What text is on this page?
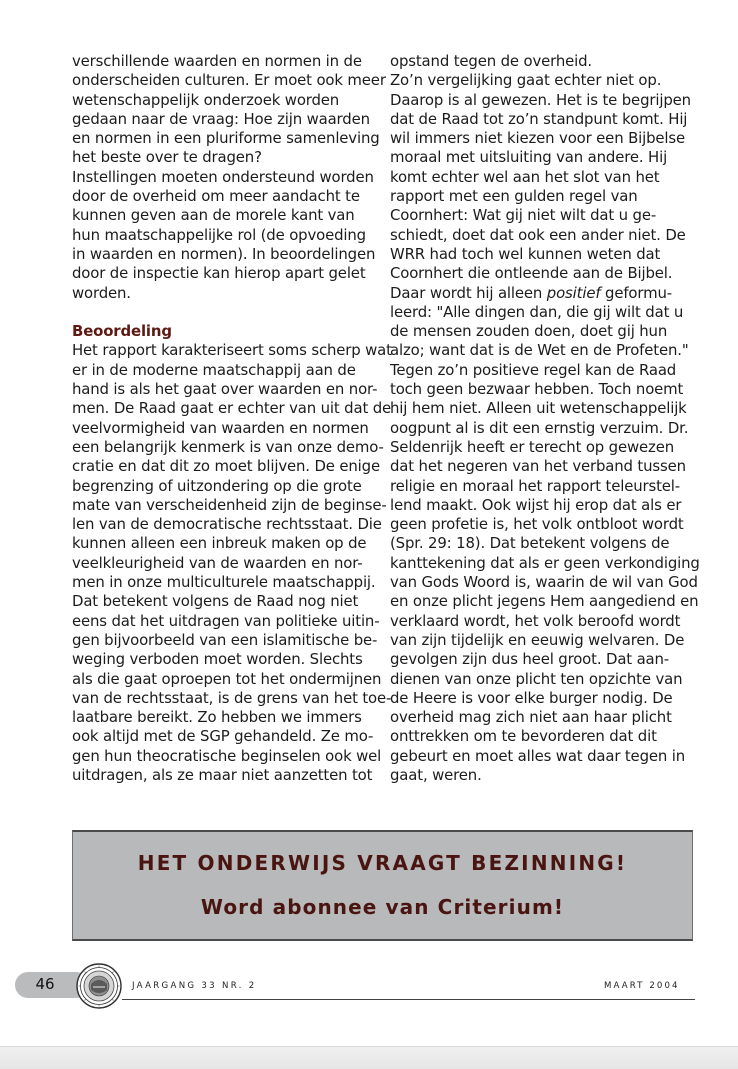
verschillende waarden en normen in de
onderscheiden culturen. Er moet ook meer
wetenschappelijk onderzoek worden
gedaan naar de vraag: Hoe zijn waarden
en normen in een pluriforme samenleving
het beste over te dragen?
Instellingen moeten ondersteund worden
door de overheid om meer aandacht te
kunnen geven aan de morele kant van
hun maatschappelijke rol (de opvoeding
in waarden en normen). In beoordelingen
door de inspectie kan hierop apart gelet
worden.
Beoordeling
Het rapport karakteriseert soms scherp wat
er in de moderne maatschappij aan de
hand is als het gaat over waarden en nor-
men. De Raad gaat er echter van uit dat de
veelvormigheid van waarden en normen
een belangrijk kenmerk is van onze demo-
cratie en dat dit zo moet blijven. De enige
begrenzing of uitzondering op die grote
mate van verscheidenheid zijn de beginse-
len van de democratische rechtsstaat. Die
kunnen alleen een inbreuk maken op de
veelkleurigheid van de waarden en nor-
men in onze multiculturele maatschappij.
Dat betekent volgens de Raad nog niet
eens dat het uitdragen van politieke uitin-
gen bijvoorbeeld van een islamitische be-
weging verboden moet worden. Slechts
als die gaat oproepen tot het ondermijnen
van de rechtsstaat, is de grens van het toe-
laatbare bereikt. Zo hebben we immers
ook altijd met de SGP gehandeld. Ze mo-
gen hun theocratische beginselen ook wel
uitdragen, als ze maar niet aanzetten tot
opstand tegen de overheid.
Zo’n vergelijking gaat echter niet op.
Daarop is al gewezen. Het is te begrijpen
dat de Raad tot zo’n standpunt komt. Hij
wil immers niet kiezen voor een Bijbelse
moraal met uitsluiting van andere. Hij
komt echter wel aan het slot van het
rapport met een gulden regel van
Coornhert: Wat gij niet wilt dat u ge-
schiedt, doet dat ook een ander niet. De
WRR had toch wel kunnen weten dat
Coornhert die ontleende aan de Bijbel.
Daar wordt hij alleen positief geformu-
leerd: "Alle dingen dan, die gij wilt dat u
de mensen zouden doen, doet gij hun
alzo; want dat is de Wet en de Profeten."
Tegen zo’n positieve regel kan de Raad
toch geen bezwaar hebben. Toch noemt
hij hem niet. Alleen uit wetenschappelijk
oogpunt al is dit een ernstig verzuim. Dr.
Seldenrijk heeft er terecht op gewezen
dat het negeren van het verband tussen
religie en moraal het rapport teleurstel-
lend maakt. Ook wijst hij erop dat als er
geen profetie is, het volk ontbloot wordt
(Spr. 29: 18). Dat betekent volgens de
kanttekening dat als er geen verkondiging
van Gods Woord is, waarin de wil van God
en onze plicht jegens Hem aangediend en
verklaard wordt, het volk beroofd wordt
van zijn tijdelijk en eeuwig welvaren. De
gevolgen zijn dus heel groot. Dat aan-
dienen van onze plicht ten opzichte van
de Heere is voor elke burger nodig. De
overheid mag zich niet aan haar plicht
onttrekken om te bevorderen dat dit
gebeurt en moet alles wat daar tegen in
gaat, weren.
HET ONDERWIJS VRAAGT BEZINNING!
Word abonnee van Criterium!
46	JAARGANG 33 NR. 2	MAART 2004
